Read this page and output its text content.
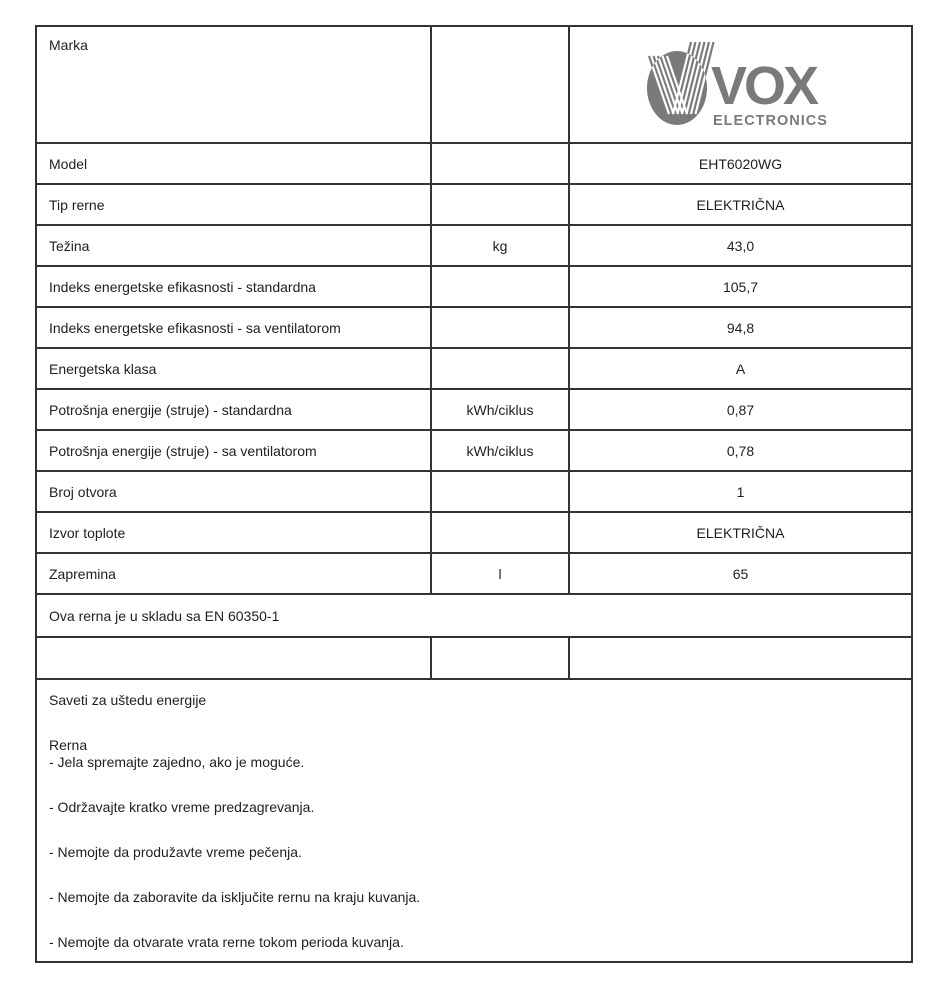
Marka
VOX
ELECTRONICS
Model	EHT6020WG
Tip rerne	ELEKTRIČNA
Težina	kg	43,0
Indeks energetske efikasnosti - standardna	105,7
Indeks energetske efikasnosti - sa ventilatorom	94,8
Energetska klasa	A
Potrošnja energije (struje) - standardna	kWh/ciklus	0,87
Potrošnja energije (struje) - sa ventilatorom	kWh/ciklus	0,78
Broj otvora	1
Izvor toplote	ELEKTRIČNA
Zapremina	l	65
Ova rerna je u skladu sa EN 60350-1
Saveti za uštedu energije
Rerna
- Jela spremajte zajedno, ako je moguće.
- Održavajte kratko vreme predzagrevanja.
- Nemojte da produžavte vreme pečenja.
- Nemojte da zaboravite da isključite rernu na kraju kuvanja.
- Nemojte da otvarate vrata rerne tokom perioda kuvanja.
